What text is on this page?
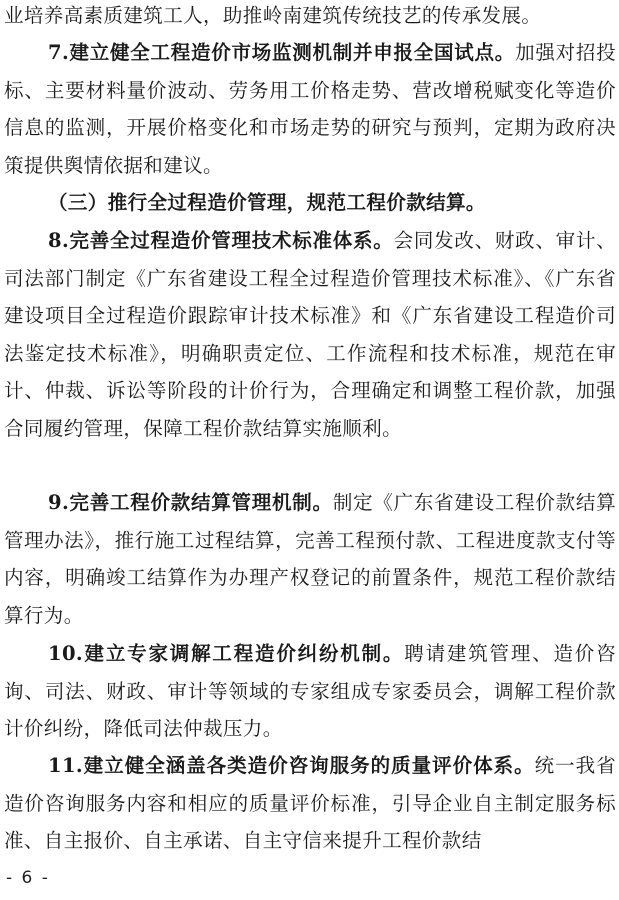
业培养高素质建筑工人，助推岭南建筑传统技艺的传承发展。

7.建立健全工程造价市场监测机制并申报全国试点。加强对招投标、主要材料量价波动、劳务用工价格走势、营改增税赋变化等造价信息的监测，开展价格变化和市场走势的研究与预判，定期为政府决策提供舆情依据和建议。

（三）推行全过程造价管理，规范工程价款结算。

8.完善全过程造价管理技术标准体系。会同发改、财政、审计、司法部门制定《广东省建设工程全过程造价管理技术标准》、《广东省建设项目全过程造价跟踪审计技术标准》和《广东省建设工程造价司法鉴定技术标准》，明确职责定位、工作流程和技术标准，规范在审计、仲裁、诉讼等阶段的计价行为，合理确定和调整工程价款，加强合同履约管理，保障工程价款结算实施顺利。

9.完善工程价款结算管理机制。制定《广东省建设工程价款结算管理办法》，推行施工过程结算，完善工程预付款、工程进度款支付等内容，明确竣工结算作为办理产权登记的前置条件，规范工程价款结算行为。

10.建立专家调解工程造价纠纷机制。聘请建筑管理、造价咨询、司法、财政、审计等领域的专家组成专家委员会，调解工程价款计价纠纷，降低司法仲裁压力。

11.建立健全涵盖各类造价咨询服务的质量评价体系。统一我省造价咨询服务内容和相应的质量评价标准，引导企业自主制定服务标准、自主报价、自主承诺、自主守信来提升工程价款结

- 6 -
